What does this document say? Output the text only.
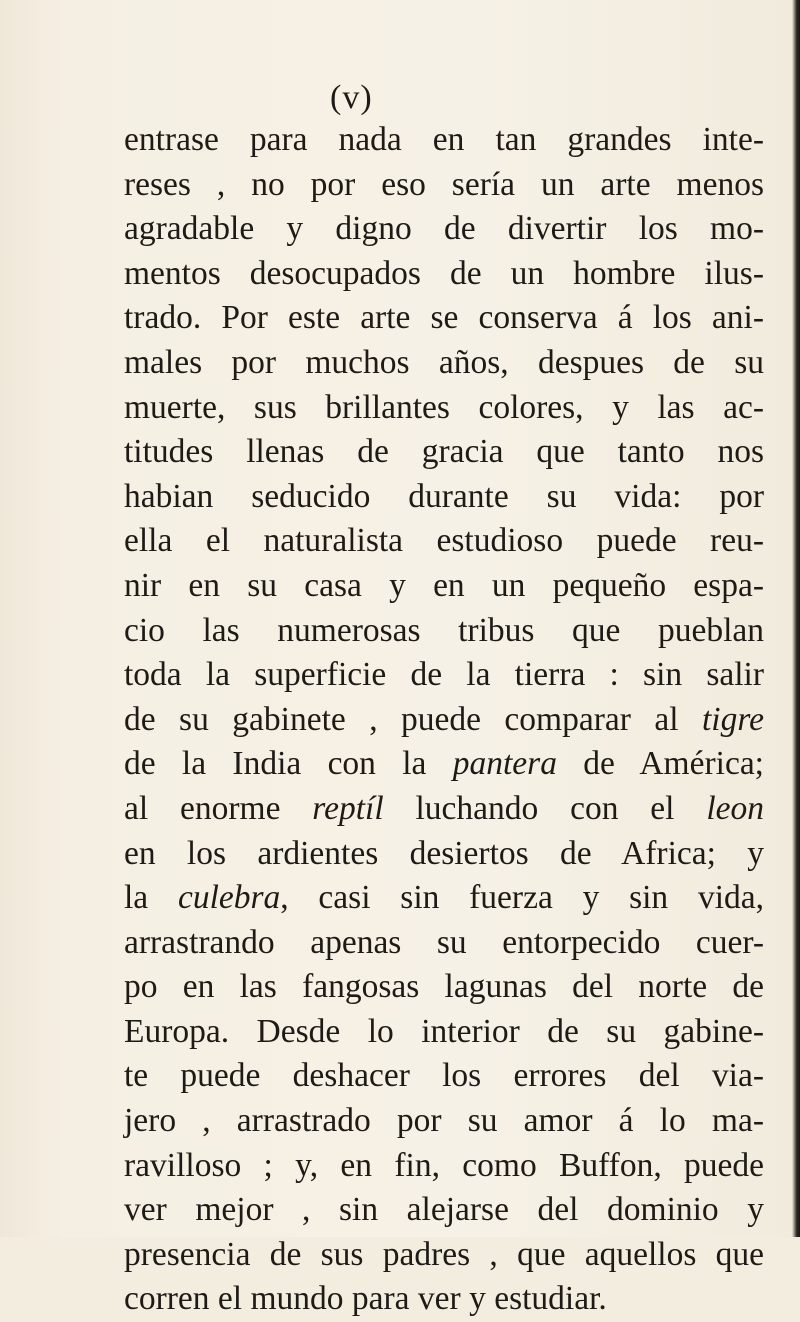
(v)
entrase para nada en tan grandes inte-
reses , no por eso sería un arte menos
agradable y digno de divertir los mo-
mentos desocupados de un hombre ilus-
trado. Por este arte se conserva á los ani-
males por muchos años, despues de su
muerte, sus brillantes colores, y las ac-
titudes llenas de gracia que tanto nos
habian seducido durante su vida: por
ella el naturalista estudioso puede reu-
nir en su casa y en un pequeño espa-
cio las numerosas tribus que pueblan
toda la superficie de la tierra : sin salir
de su gabinete , puede comparar al tigre
de la India con la pantera de América;
al enorme reptíl luchando con el leon
en los ardientes desiertos de Africa; y
la culebra, casi sin fuerza y sin vida,
arrastrando apenas su entorpecido cuer-
po en las fangosas lagunas del norte de
Europa. Desde lo interior de su gabine-
te puede deshacer los errores del via-
jero , arrastrado por su amor á lo ma-
ravilloso ; y, en fin, como Buffon, puede
ver mejor , sin alejarse del dominio y
presencia de sus padres , que aquellos que
corren el mundo para ver y estudiar.
